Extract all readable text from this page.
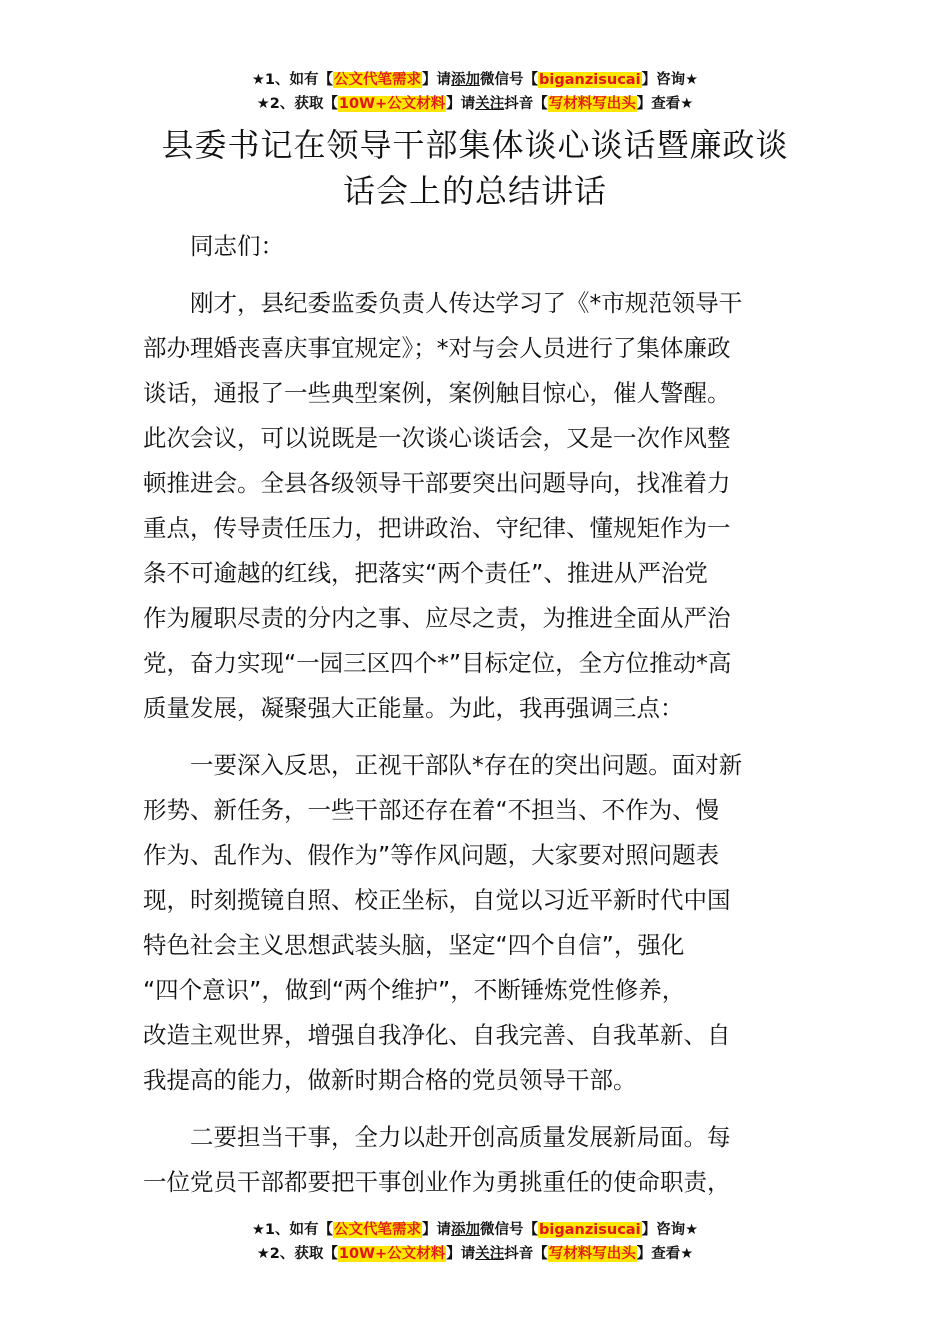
★1、如有【公文代笔需求】请添加微信号【biganzisucai】咨询★
★2、获取【10W+公文材料】请关注抖音【写材料写出头】查看★
县委书记在领导干部集体谈心谈话暨廉政谈
话会上的总结讲话

同志们：

刚才，县纪委监委负责人传达学习了《*市规范领导干
部办理婚丧喜庆事宜规定》；*对与会人员进行了集体廉政
谈话，通报了一些典型案例，案例触目惊心，催人警醒。
此次会议，可以说既是一次谈心谈话会，又是一次作风整
顿推进会。全县各级领导干部要突出问题导向，找准着力
重点，传导责任压力，把讲政治、守纪律、懂规矩作为一
条不可逾越的红线，把落实“两个责任”、推进从严治党
作为履职尽责的分内之事、应尽之责，为推进全面从严治
党，奋力实现“一园三区四个*”目标定位，全方位推动*高
质量发展，凝聚强大正能量。为此，我再强调三点：

一要深入反思，正视干部队*存在的突出问题。面对新
形势、新任务，一些干部还存在着“不担当、不作为、慢
作为、乱作为、假作为”等作风问题，大家要对照问题表
现，时刻揽镜自照、校正坐标，自觉以习近平新时代中国
特色社会主义思想武装头脑，坚定“四个自信”，强化
“四个意识”，做到“两个维护”，不断锤炼党性修养，
改造主观世界，增强自我净化、自我完善、自我革新、自
我提高的能力，做新时期合格的党员领导干部。

二要担当干事，全力以赴开创高质量发展新局面。每
一位党员干部都要把干事创业作为勇挑重任的使命职责，

★1、如有【公文代笔需求】请添加微信号【biganzisucai】咨询★
★2、获取【10W+公文材料】请关注抖音【写材料写出头】查看★
